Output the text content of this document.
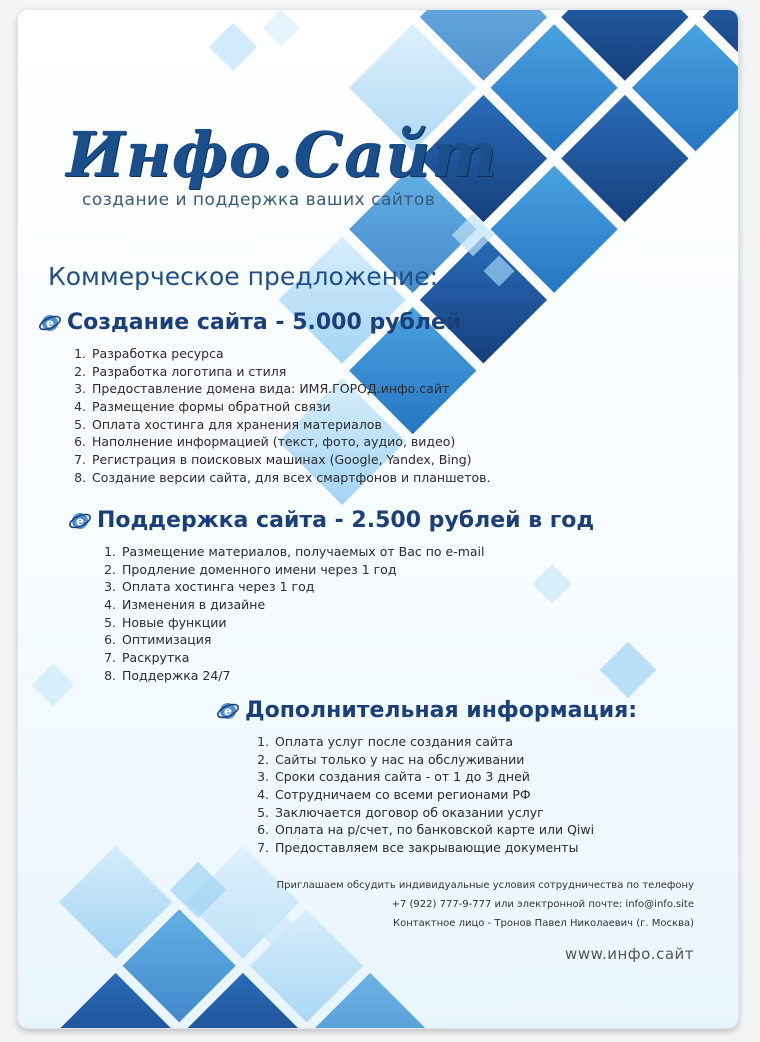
Инфо.Сайт
создание и поддержка ваших сайтов
Коммерческое предложение:
e Создание сайта - 5.000 рублей
1. Разработка ресурса
2. Разработка логотипа и стиля
3. Предоставление домена вида: ИМЯ.ГОРОД.инфо.сайт
4. Размещение формы обратной связи
5. Оплата хостинга для хранения материалов
6. Наполнение информацией (текст, фото, аудио, видео)
7. Регистрация в поисковых машинах (Google, Yandex, Bing)
8. Создание версии сайта, для всех смартфонов и планшетов.
e Поддержка сайта - 2.500 рублей в год
1. Размещение материалов, получаемых от Вас по e-mail
2. Продление доменного имени через 1 год
3. Оплата хостинга через 1 год
4. Изменения в дизайне
5. Новые функции
6. Оптимизация
7. Раскрутка
8. Поддержка 24/7
e Дополнительная информация:
1. Оплата услуг после создания сайта
2. Сайты только у нас на обслуживании
3. Сроки создания сайта - от 1 до 3 дней
4. Сотрудничаем со всеми регионами РФ
5. Заключается договор об оказании услуг
6. Оплата на р/счет, по банковской карте или Qiwi
7. Предоставляем все закрывающие документы
Приглашаем обсудить индивидуальные условия сотрудничества по телефону
+7 (922) 777-9-777 или электронной почте: info@info.site
Контактное лицо - Тронов Павел Николаевич (г. Москва)
www.инфо.сайт
